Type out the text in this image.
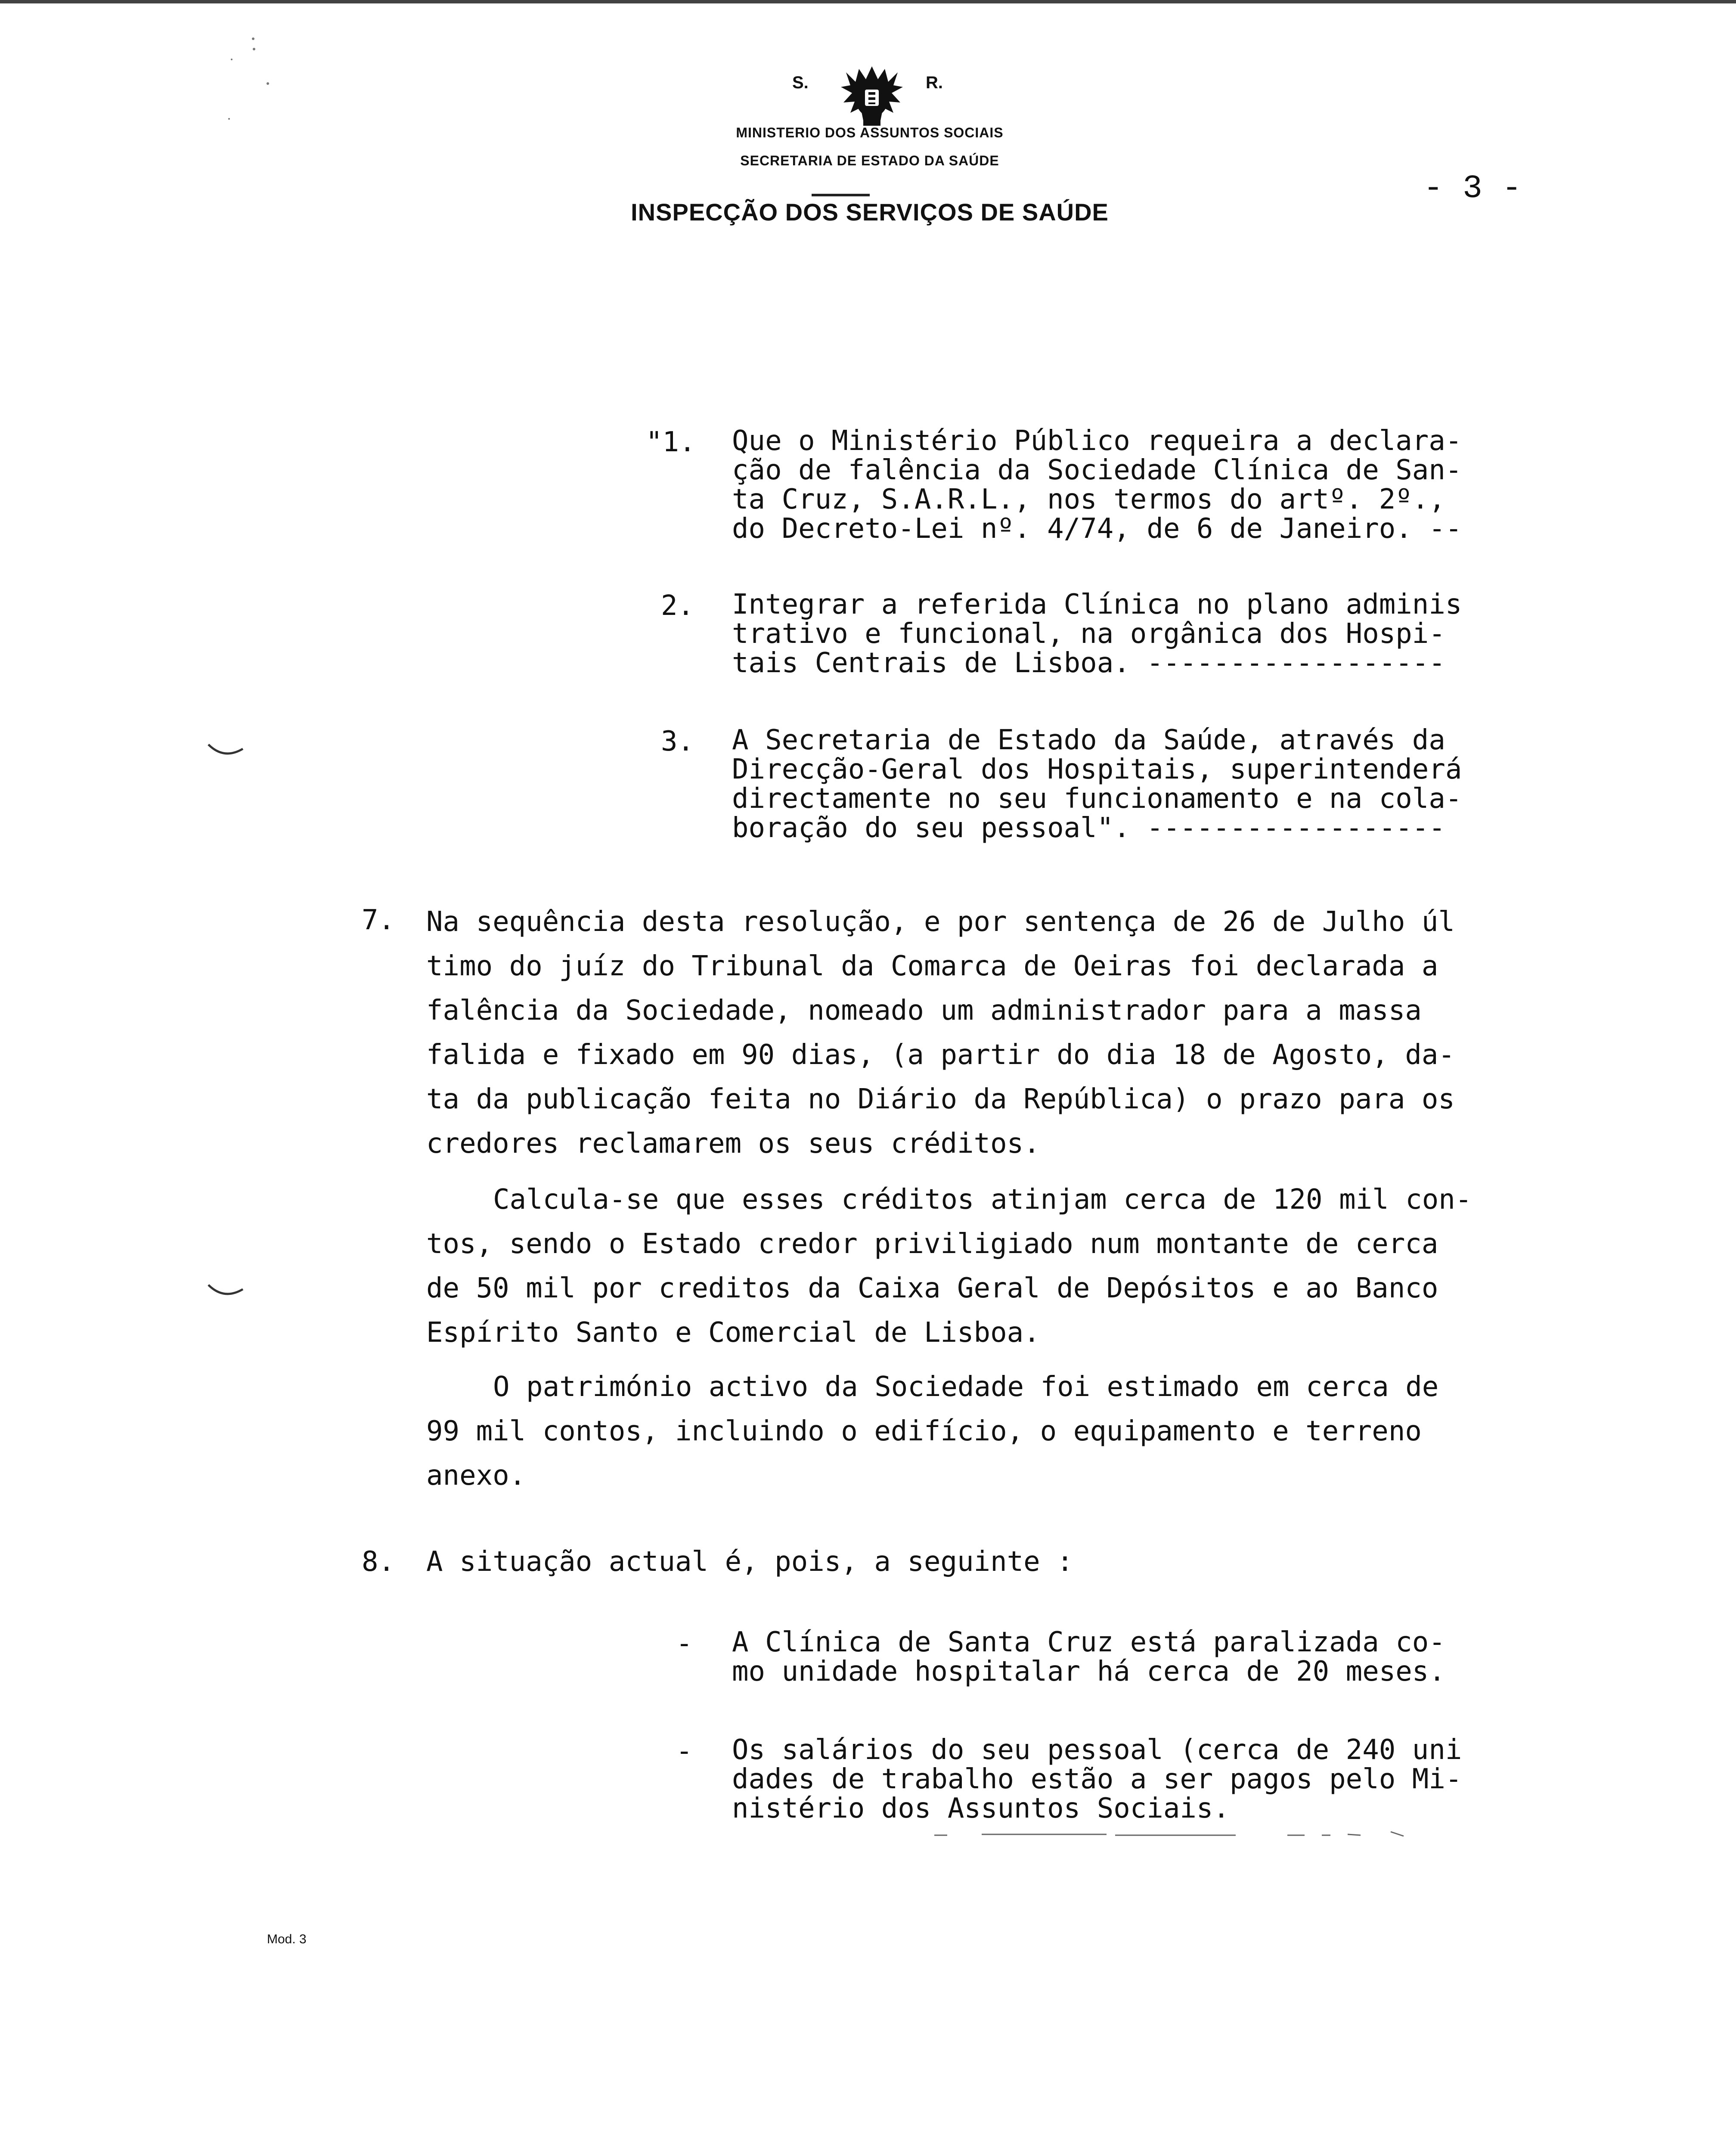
S.	R.
MINISTERIO DOS ASSUNTOS SOCIAIS
SECRETARIA DE ESTADO DA SAÚDE
INSPECÇÃO DOS SERVIÇOS DE SAÚDE
- 3 -
"1. Que o Ministério Público requeira a declara-
ção de falência da Sociedade Clínica de San-
ta Cruz, S.A.R.L., nos termos do artº. 2º.,
do Decreto-Lei nº. 4/74, de 6 de Janeiro. --
2. Integrar a referida Clínica no plano adminis
trativo e funcional, na orgânica dos Hospi-
tais Centrais de Lisboa. ------------------
3. A Secretaria de Estado da Saúde, através da
Direcção-Geral dos Hospitais, superintenderá
directamente no seu funcionamento e na cola-
boração do seu pessoal". ------------------
7. Na sequência desta resolução, e por sentença de 26 de Julho úl
timo do juíz do Tribunal da Comarca de Oeiras foi declarada a
falência da Sociedade, nomeado um administrador para a massa
falida e fixado em 90 dias, (a partir do dia 18 de Agosto, da-
ta da publicação feita no Diário da República) o prazo para os
credores reclamarem os seus créditos.
Calcula-se que esses créditos atinjam cerca de 120 mil con-
tos, sendo o Estado credor priviligiado num montante de cerca
de 50 mil por creditos da Caixa Geral de Depósitos e ao Banco
Espírito Santo e Comercial de Lisboa.
O património activo da Sociedade foi estimado em cerca de
99 mil contos, incluindo o edifício, o equipamento e terreno
anexo.
8. A situação actual é, pois, a seguinte :
- A Clínica de Santa Cruz está paralizada co-
mo unidade hospitalar há cerca de 20 meses.
- Os salários do seu pessoal (cerca de 240 uni
dades de trabalho estão a ser pagos pelo Mi-
nistério dos Assuntos Sociais.
Mod. 3
